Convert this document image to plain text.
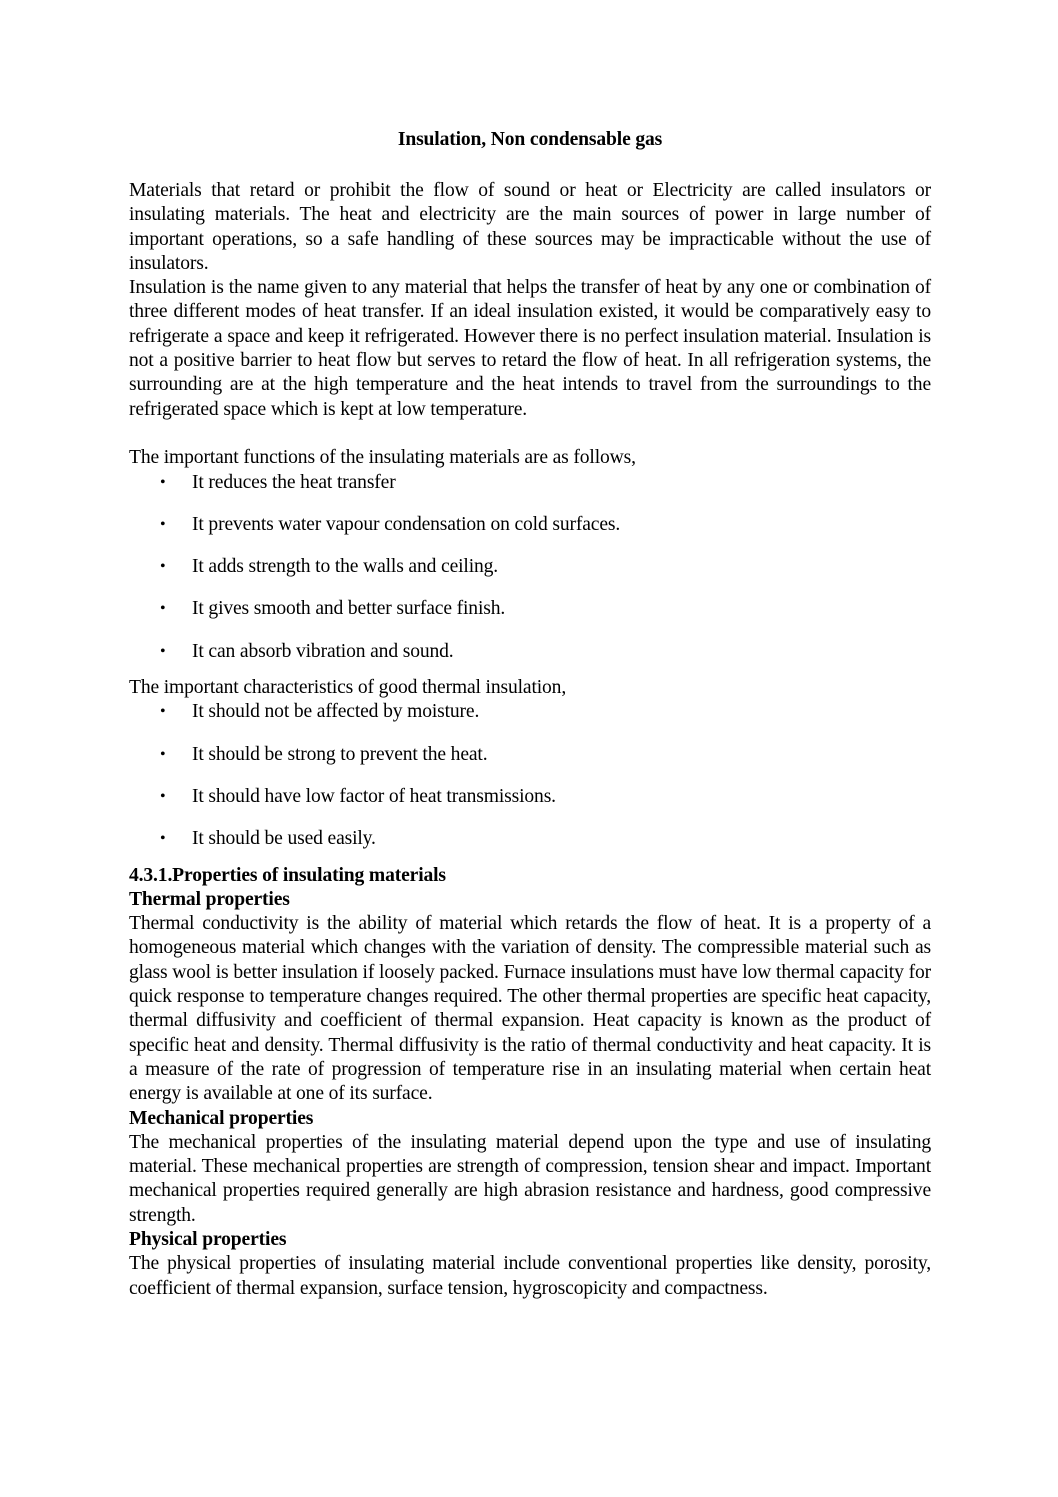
Insulation, Non condensable gas

Materials that retard or prohibit the flow of sound or heat or Electricity are called insulators or insulating materials. The heat and electricity are the main sources of power in large number of important operations, so a safe handling of these sources may be impracticable without the use of insulators.

Insulation is the name given to any material that helps the transfer of heat by any one or combination of three different modes of heat transfer. If an ideal insulation existed, it would be comparatively easy to refrigerate a space and keep it refrigerated. However there is no perfect insulation material. Insulation is not a positive barrier to heat flow but serves to retard the flow of heat. In all refrigeration systems, the surrounding are at the high temperature and the heat intends to travel from the surroundings to the refrigerated space which is kept at low temperature.

The important functions of the insulating materials are as follows,

• It reduces the heat transfer
• It prevents water vapour condensation on cold surfaces.
• It adds strength to the walls and ceiling.
• It gives smooth and better surface finish.
• It can absorb vibration and sound.

The important characteristics of good thermal insulation,

• It should not be affected by moisture.
• It should be strong to prevent the heat.
• It should have low factor of heat transmissions.
• It should be used easily.
4.3.1.Properties of insulating materials
Thermal properties

Thermal conductivity is the ability of material which retards the flow of heat. It is a property of a homogeneous material which changes with the variation of density. The compressible material such as glass wool is better insulation if loosely packed. Furnace insulations must have low thermal capacity for quick response to temperature changes required. The other thermal properties are specific heat capacity, thermal diffusivity and coefficient of thermal expansion. Heat capacity is known as the product of specific heat and density. Thermal diffusivity is the ratio of thermal conductivity and heat capacity. It is a measure of the rate of progression of temperature rise in an insulating material when certain heat energy is available at one of its surface.

Mechanical properties

The mechanical properties of the insulating material depend upon the type and use of insulating material. These mechanical properties are strength of compression, tension shear and impact. Important mechanical properties required generally are high abrasion resistance and hardness, good compressive strength.

Physical properties

The physical properties of insulating material include conventional properties like density, porosity, coefficient of thermal expansion, surface tension, hygroscopicity and compactness.
